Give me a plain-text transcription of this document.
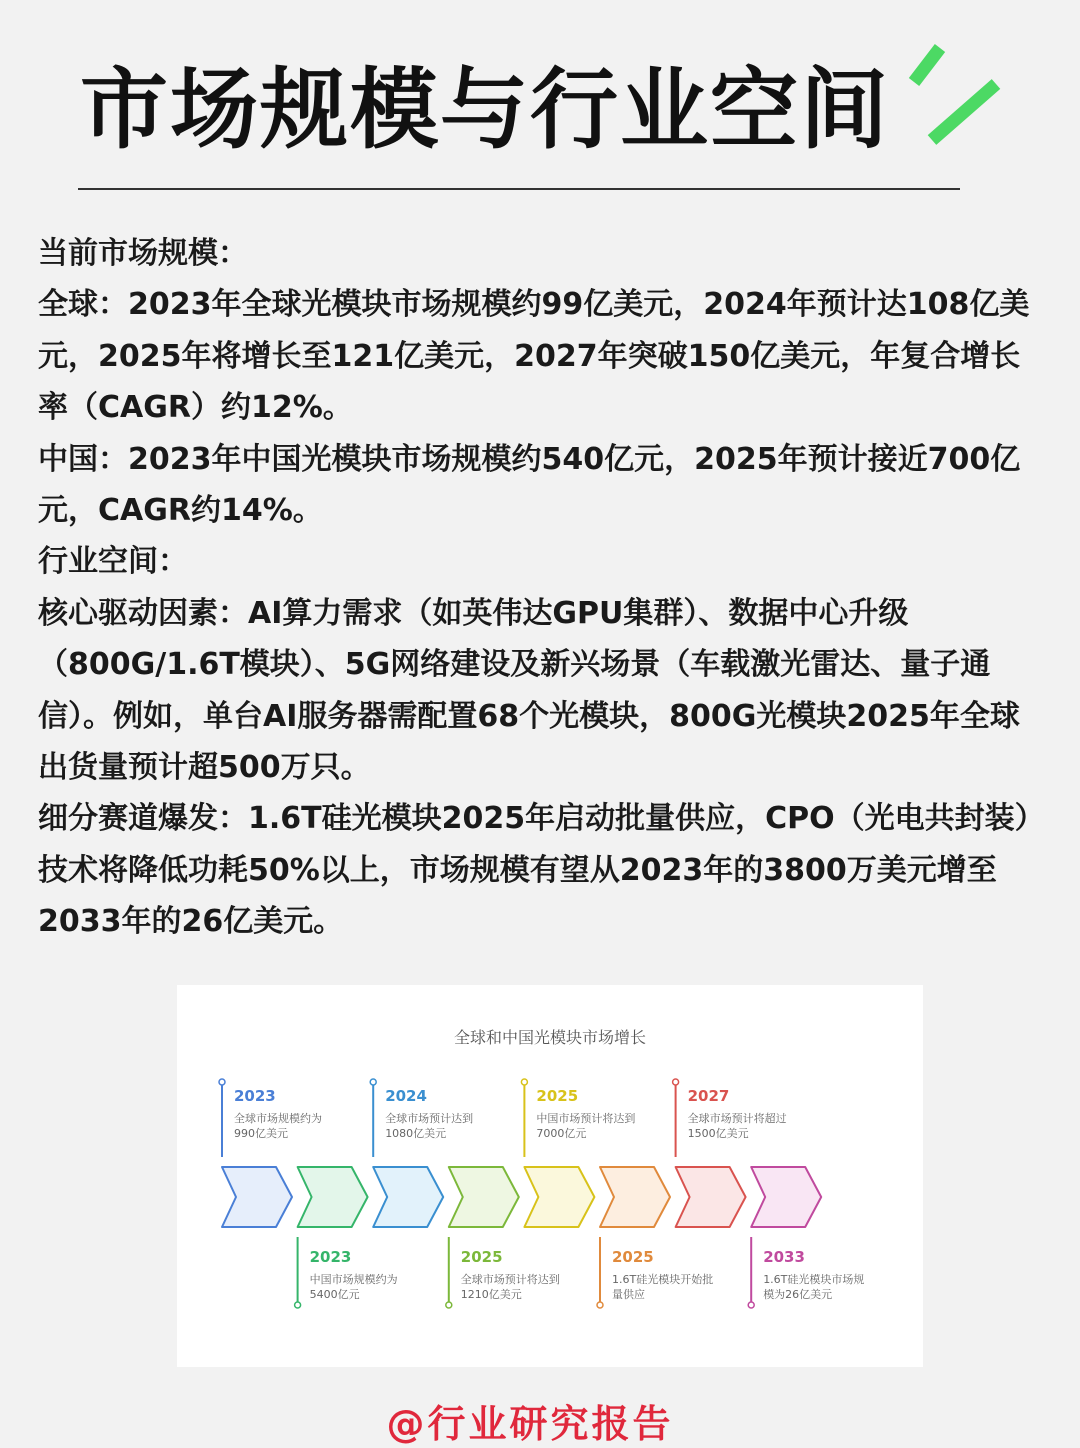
市场规模与行业空间

当前市场规模：

全球：2023年全球光模块市场规模约99亿美元，2024年预计达108亿美元，2025年将增长至121亿美元，2027年突破150亿美元，年复合增长率（CAGR）约12%。

中国：2023年中国光模块市场规模约540亿元，2025年预计接近700亿元，CAGR约14%。

行业空间：

核心驱动因素：AI算力需求（如英伟达GPU集群）、数据中心升级（800G/1.6T模块）、5G网络建设及新兴场景（车载激光雷达、量子通信）。例如，单台AI服务器需配置68个光模块，800G光模块2025年全球出货量预计超500万只。

细分赛道爆发：1.6T硅光模块2025年启动批量供应，CPO（光电共封装）技术将降低功耗50%以上，市场规模有望从2023年的3800万美元增至2033年的26亿美元。

全球和中国光模块市场增长
2023
全球市场规模约为
990亿美元
2024
全球市场预计达到
1080亿美元
2025
中国市场预计将达到
7000亿元
2027
全球市场预计将超过
1500亿美元
2023
中国市场规模约为
5400亿元
2025
全球市场预计将达到
1210亿美元
2025
1.6T硅光模块开始批
量供应
2033
1.6T硅光模块市场规
模为26亿美元
@行业研究报告
